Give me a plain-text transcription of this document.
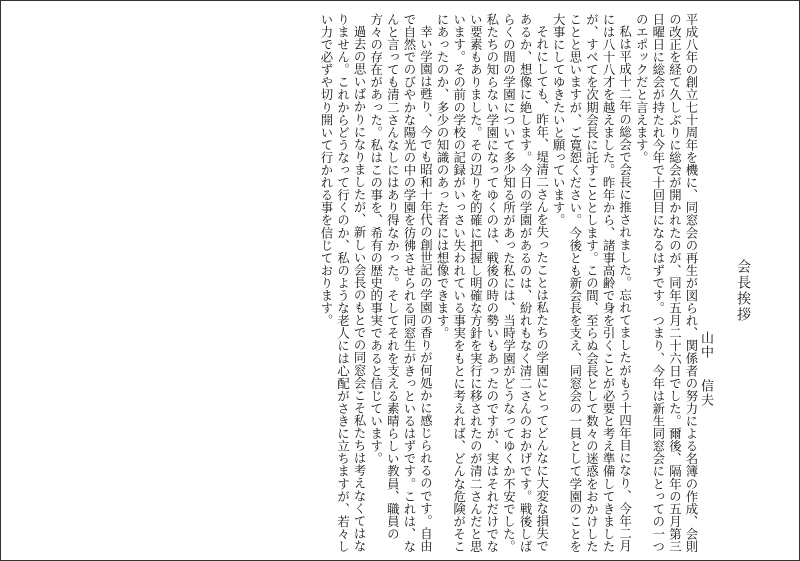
会長挨拶
山中信夫

平成八年の創立七十周年を機に、同窓会の再生が図られ、関係者の努力による名簿の作成、会則の改正を経て久しぶりに総会が開かれたのが、同年五月二十六日でした。爾後、隔年の五月第三日曜日に総会が持たれ今年で十回目になるはずです。つまり、今年は新生同窓会にとっての一つのエポックだと言えます。

私は平成十二年の総会で会長に推されました。忘れてましたがもう十四年目になり、今年二月には八十八才を越えました。昨年から、諸事高齢で身を引くことが必要と考え準備してきましたが、すべてを次期会長に託すこととします。この間、至らぬ会長として数々の迷惑をおかけしたことと思いますが、ご寛恕ください。今後とも新会長を支え、同窓会の一員として学園のことを大事にしてゆきたいと願っています。

それにしても、昨年、堤清二さんを失ったことは私たちの学園にとってどんなに大変な損失であるか、想像に絶します。今日の学園があるのは、紛れもなく清二さんのおかげです。戦後しばらくの間の学園について多少知る所があった私には、当時学園がどうなってゆくか不安でした。私たちの知らない学園になってゆくのは、戦後の時の勢いもあったのですが、実はそれだけでない要素もありました。その辺りを的確に把握し明確な方針を実行に移されたのが清二さんだと思います。その前の学校の記録がいっさい失われている事実をもとに考えれば、どんな危険がそこにあったのか、多少の知識のあった者には想像できます。

幸い学園は甦り、今でも昭和十年代の創世記の学園の香りが何処かに感じられるのです。自由で自然でのびやかな陽光の中の学園を彷彿させられる同窓生がきっといるはずです。これは、なんと言っても清二さんなしにはあり得なかった。そしてそれを支える素晴らしい教員、職員の方々の存在があった。私はこの事を、希有の歴史的事実であると信じています。

過去の思いばかりになりましたが、新しい会長のもとでの同窓会こそ私たちは考えなくてはなりません。これからどうなって行くのか、私のような老人には心配がさきに立ちますが、若々しい力で必ずや切り開いて行かれる事を信じております。
